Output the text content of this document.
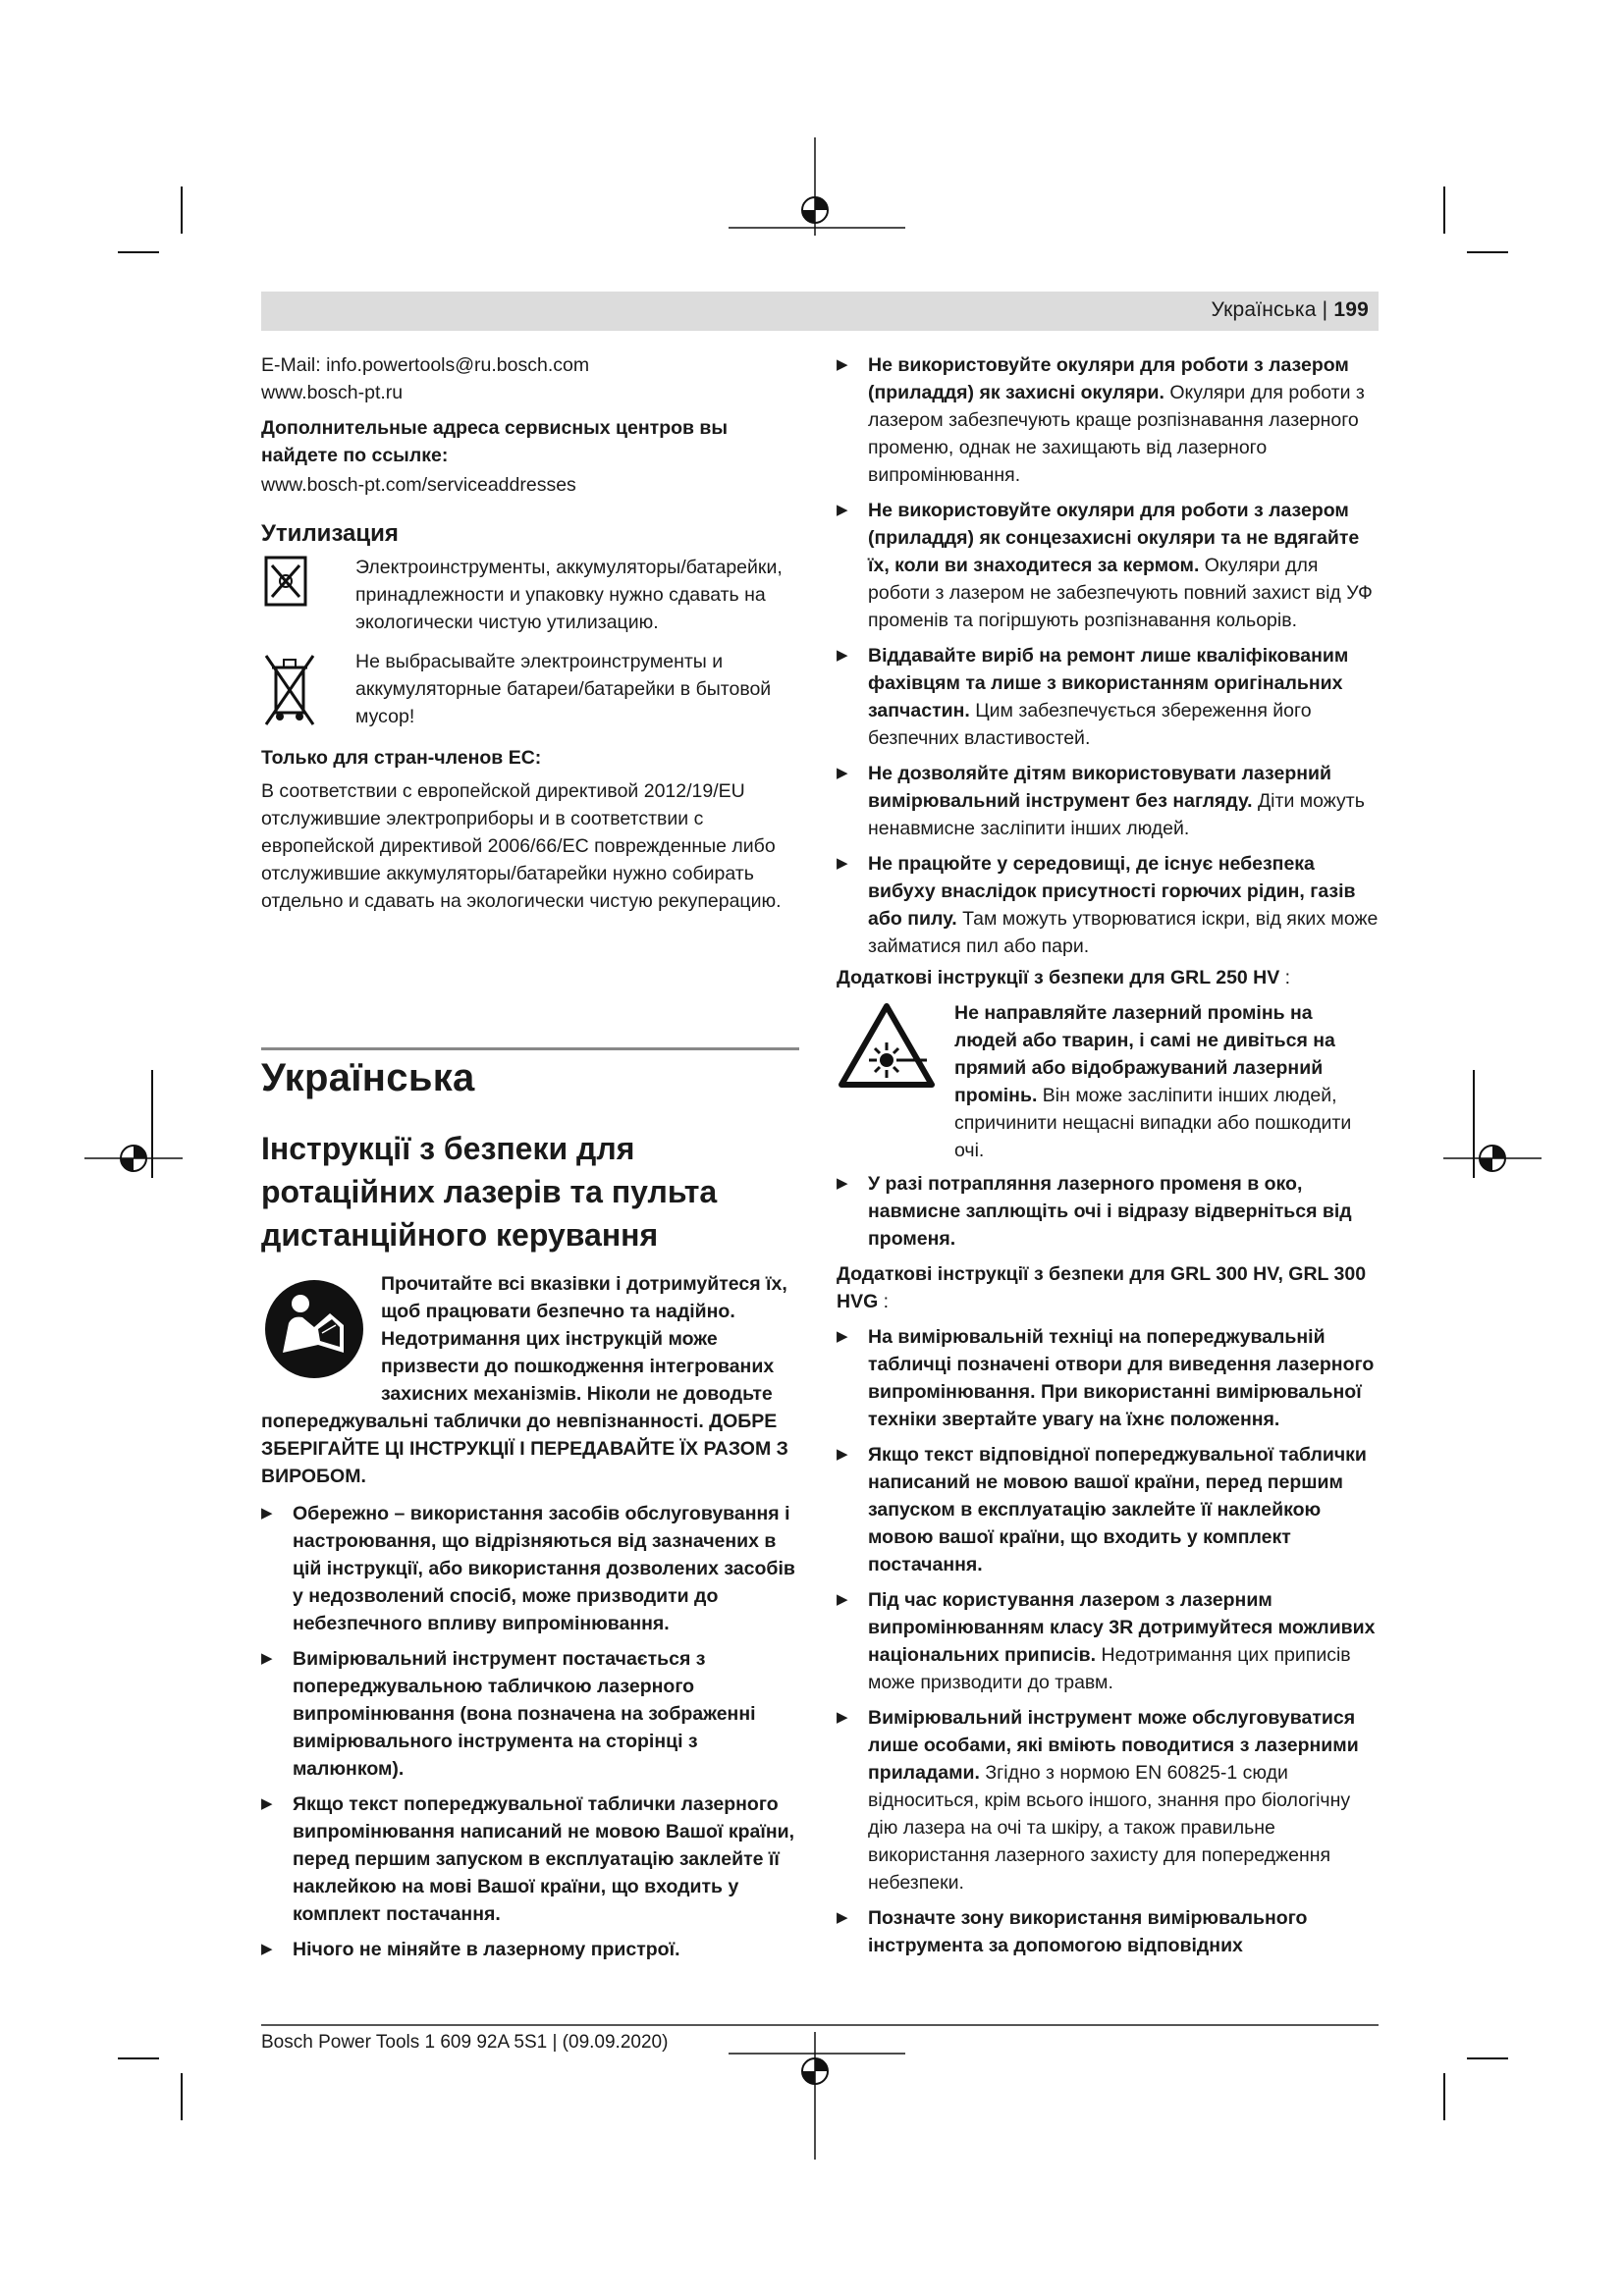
Українська | 199

E-Mail: info.powertools@ru.bosch.com

www.bosch-pt.ru

Дополнительные адреса сервисных центров вы найдете по ссылке:

www.bosch-pt.com/serviceaddresses

Утилизация

Электроинструменты, аккумуляторы/батарейки, принадлежности и упаковку нужно сдавать на экологически чистую утилизацию.

Не выбрасывайте электроинструменты и аккумуляторные батареи/батарейки в бытовой мусор!

Только для стран-членов ЕС:

В соответствии с европейской директивой 2012/19/EU отслужившие электроприборы и в соответствии с европейской директивой 2006/66/EC поврежденные либо отслужившие аккумуляторы/батарейки нужно собирать отдельно и сдавать на экологически чистую рекуперацию.

Українська

Інструкції з безпеки для ротаційних лазерів та пульта дистанційного керування

Прочитайте всі вказівки і дотримуйтеся їх, щоб працювати безпечно та надійно. Недотримання цих інструкцій може призвести до пошкодження інтегрованих захисних механізмів. Ніколи не доводьте попереджувальні таблички до невпізнанності. ДОБРЕ ЗБЕРІГАЙТЕ ЦІ ІНСТРУКЦІЇ І ПЕРЕДАВАЙТЕ ЇХ РАЗОМ З ВИРОБОМ.

▶ Обережно – використання засобів обслуговування і настроювання, що відрізняються від зазначених в цій інструкції, або використання дозволених засобів у недозволений спосіб, може призводити до небезпечного впливу випромінювання.

▶ Вимірювальний інструмент постачається з попереджувальною табличкою лазерного випромінювання (вона позначена на зображенні вимірювального інструмента на сторінці з малюнком).

▶ Якщо текст попереджувальної таблички лазерного випромінювання написаний не мовою Вашої країни, перед першим запуском в експлуатацію заклейте її наклейкою на мові Вашої країни, що входить у комплект постачання.

▶ Нічого не міняйте в лазерному пристрої.

▶ Не використовуйте окуляри для роботи з лазером (приладдя) як захисні окуляри. Окуляри для роботи з лазером забезпечують краще розпізнавання лазерного променю, однак не захищають від лазерного випромінювання.

▶ Не використовуйте окуляри для роботи з лазером (приладдя) як сонцезахисні окуляри та не вдягайте їх, коли ви знаходитеся за кермом. Окуляри для роботи з лазером не забезпечують повний захист від УФ променів та погіршують розпізнавання кольорів.

▶ Віддавайте виріб на ремонт лише кваліфікованим фахівцям та лише з використанням оригінальних запчастин. Цим забезпечується збереження його безпечних властивостей.

▶ Не дозволяйте дітям використовувати лазерний вимірювальний інструмент без нагляду. Діти можуть ненавмисне засліпити інших людей.

▶ Не працюйте у середовищі, де існує небезпека вибуху внаслідок присутності горючих рідин, газів або пилу. Там можуть утворюватися іскри, від яких може займатися пил або пари.

Додаткові інструкції з безпеки для GRL 250 HV :

Не направляйте лазерний промінь на людей або тварин, і самі не дивіться на прямий або відображуваний лазерний промінь. Він може засліпити інших людей, спричинити нещасні випадки або пошкодити очі.

▶ У разі потрапляння лазерного променя в око, навмисне заплющіть очі і відразу відверніться від променя.

Додаткові інструкції з безпеки для GRL 300 HV, GRL 300 HVG :

▶ На вимірювальній техніці на попереджувальній табличці позначені отвори для виведення лазерного випромінювання. При використанні вимірювальної техніки звертайте увагу на їхнє положення.

▶ Якщо текст відповідної попереджувальної таблички написаний не мовою вашої країни, перед першим запуском в експлуатацію заклейте її наклейкою мовою вашої країни, що входить у комплект постачання.

▶ Під час користування лазером з лазерним випромінюванням класу 3R дотримуйтеся можливих національних приписів. Недотримання цих приписів може призводити до травм.

▶ Вимірювальний інструмент може обслуговуватися лише особами, які вміють поводитися з лазерними приладами. Згідно з нормою EN 60825-1 сюди відноситься, крім всього іншого, знання про біологічну дію лазера на очі та шкіру, а також правильне використання лазерного захисту для попередження небезпеки.

▶ Позначте зону використання вимірювального інструмента за допомогою відповідних

Bosch Power Tools 1 609 92A 5S1 | (09.09.2020)
